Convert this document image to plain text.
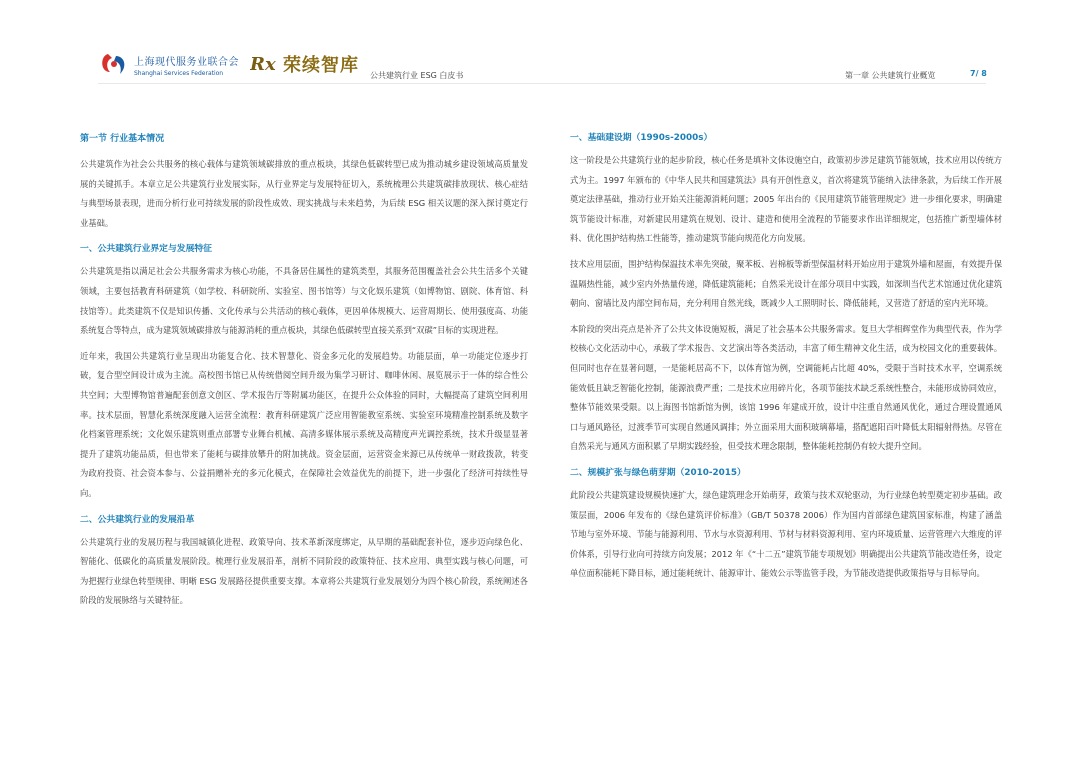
上海现代服务业联合会
Shanghai Services Federation	Rx 荣续智库 公共建筑行业 ESG 白皮书	第一章 公共建筑行业概览	7/ 8
第一节 行业基本情况

公共建筑作为社会公共服务的核心载体与建筑领域碳排放的重点板块，其绿色低碳转型已成为推动城乡建设领域高质量发展的关键抓手。本章立足公共建筑行业发展实际，从行业界定与发展特征切入，系统梳理公共建筑碳排放现状、核心症结与典型场景表现，进而分析行业可持续发展的阶段性成效、现实挑战与未来趋势，为后续 ESG 相关议题的深入探讨奠定行业基础。

一、公共建筑行业界定与发展特征

公共建筑是指以满足社会公共服务需求为核心功能，不具备居住属性的建筑类型，其服务范围覆盖社会公共生活多个关键领域，主要包括教育科研建筑（如学校、科研院所、实验室、图书馆等）与文化娱乐建筑（如博物馆、剧院、体育馆、科技馆等）。此类建筑不仅是知识传播、文化传承与公共活动的核心载体，更因单体规模大、运营周期长、使用强度高、功能系统复合等特点，成为建筑领域碳排放与能源消耗的重点板块，其绿色低碳转型直接关系到“双碳”目标的实现进程。

近年来，我国公共建筑行业呈现出功能复合化、技术智慧化、资金多元化的发展趋势。功能层面，单一功能定位逐步打破，复合型空间设计成为主流。高校图书馆已从传统借阅空间升级为集学习研讨、咖啡休闲、展览展示于一体的综合性公共空间；大型博物馆普遍配套创意文创区、学术报告厅等附属功能区，在提升公众体验的同时，大幅提高了建筑空间利用率。技术层面，智慧化系统深度融入运营全流程：教育科研建筑广泛应用智能教室系统、实验室环境精准控制系统及数字化档案管理系统；文化娱乐建筑则重点部署专业舞台机械、高清多媒体展示系统及高精度声光调控系统，技术升级显显著提升了建筑功能品质，但也带来了能耗与碳排放攀升的附加挑战。资金层面，运营资金来源已从传统单一财政拨款，转变为政府投资、社会资本参与、公益捐赠补充的多元化模式，在保障社会效益优先的前提下，进一步强化了经济可持续性导向。

二、公共建筑行业的发展沿革

公共建筑行业的发展历程与我国城镇化进程、政策导向、技术革新深度绑定，从早期的基础配套补位，逐步迈向绿色化、智能化、低碳化的高质量发展阶段。梳理行业发展沿革，剖析不同阶段的政策特征、技术应用、典型实践与核心问题，可为把握行业绿色转型规律、明晰 ESG 发展路径提供重要支撑。本章将公共建筑行业发展划分为四个核心阶段，系统阐述各阶段的发展脉络与关键特征。

一、基础建设期（1990s-2000s）

这一阶段是公共建筑行业的起步阶段，核心任务是填补文体设施空白，政策初步涉足建筑节能领域，技术应用以传统方式为主。1997 年颁布的《中华人民共和国建筑法》具有开创性意义，首次将建筑节能纳入法律条款，为后续工作开展奠定法律基础，推动行业开始关注能源消耗问题；2005 年出台的《民用建筑节能管理规定》进一步细化要求，明确建筑节能设计标准，对新建民用建筑在规划、设计、建造和使用全流程的节能要求作出详细规定，包括推广新型墙体材料、优化围护结构热工性能等，推动建筑节能向规范化方向发展。

技术应用层面，围护结构保温技术率先突破，聚苯板、岩棉板等新型保温材料开始应用于建筑外墙和屋面，有效提升保温隔热性能，减少室内外热量传递，降低建筑能耗；自然采光设计在部分项目中实践，如深圳当代艺术馆通过优化建筑朝向、窗墙比及内部空间布局，充分利用自然光线，既减少人工照明时长、降低能耗，又营造了舒适的室内光环境。

本阶段的突出亮点是补齐了公共文体设施短板，满足了社会基本公共服务需求。复旦大学相辉堂作为典型代表，作为学校核心文化活动中心，承载了学术报告、文艺演出等各类活动，丰富了师生精神文化生活，成为校园文化的重要载体。但同时也存在显著问题，一是能耗居高不下，以体育馆为例，空调能耗占比超 40%，受限于当时技术水平，空调系统能效低且缺乏智能化控制，能源浪费严重；二是技术应用碎片化，各项节能技术缺乏系统性整合，未能形成协同效应，整体节能效果受限。以上海图书馆新馆为例，该馆 1996 年建成开放，设计中注重自然通风优化，通过合理设置通风口与通风路径，过渡季节可实现自然通风调排；外立面采用大面积玻璃幕墙，搭配遮阳百叶降低太阳辐射得热。尽管在自然采光与通风方面积累了早期实践经验，但受技术理念限制，整体能耗控制仍有较大提升空间。

二、规模扩张与绿色萌芽期（2010-2015）

此阶段公共建筑建设规模快速扩大，绿色建筑理念开始萌芽，政策与技术双轮驱动，为行业绿色转型奠定初步基础。政策层面，2006 年发布的《绿色建筑评价标准》（GB/T 50378 2006）作为国内首部绿色建筑国家标准，构建了涵盖节地与室外环境、节能与能源利用、节水与水资源利用、节材与材料资源利用、室内环境质量、运营管理六大维度的评价体系，引导行业向可持续方向发展；2012 年《“十二五”建筑节能专项规划》明确提出公共建筑节能改造任务，设定单位面积能耗下降目标，通过能耗统计、能源审计、能效公示等监管手段，为节能改造提供政策指导与目标导向。
